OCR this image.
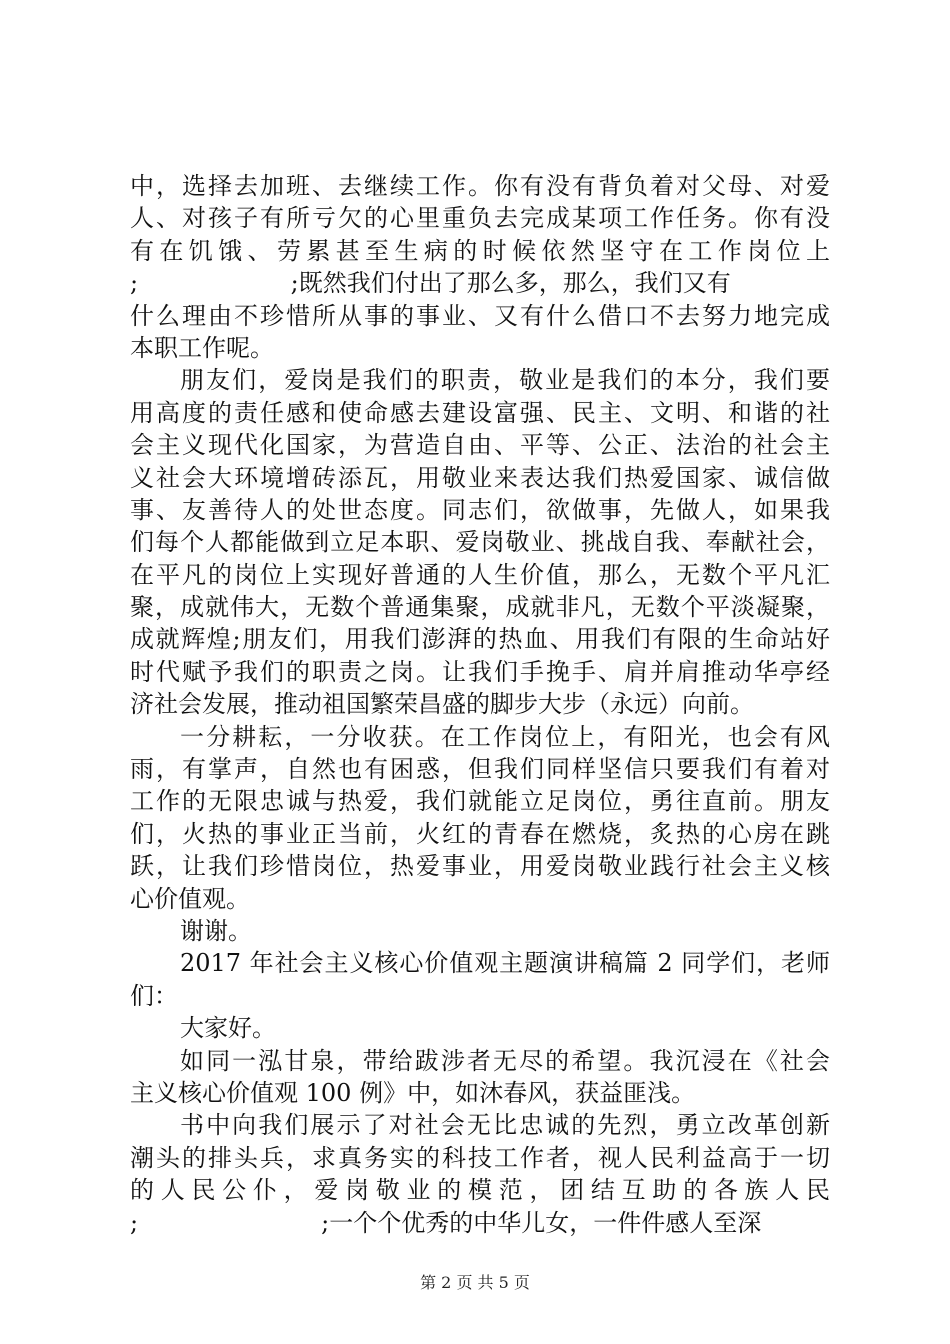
中，选择去加班、去继续工作。你有没有背负着对父母、对爱
人、对孩子有所亏欠的心里重负去完成某项工作任务。你有没
有在饥饿、劳累甚至生病的时候依然坚守在工作岗位上
;                    ;既然我们付出了那么多，那么，我们又有
什么理由不珍惜所从事的事业、又有什么借口不去努力地完成
本职工作呢。
朋友们，爱岗是我们的职责，敬业是我们的本分，我们要
用高度的责任感和使命感去建设富强、民主、文明、和谐的社
会主义现代化国家，为营造自由、平等、公正、法治的社会主
义社会大环境增砖添瓦，用敬业来表达我们热爱国家、诚信做
事、友善待人的处世态度。同志们，欲做事，先做人，如果我
们每个人都能做到立足本职、爱岗敬业、挑战自我、奉献社会，
在平凡的岗位上实现好普通的人生价值，那么，无数个平凡汇
聚，成就伟大，无数个普通集聚，成就非凡，无数个平淡凝聚，
成就辉煌;朋友们，用我们澎湃的热血、用我们有限的生命站好
时代赋予我们的职责之岗。让我们手挽手、肩并肩推动华亭经
济社会发展，推动祖国繁荣昌盛的脚步大步（永远）向前。
一分耕耘，一分收获。在工作岗位上，有阳光，也会有风
雨，有掌声，自然也有困惑，但我们同样坚信只要我们有着对
工作的无限忠诚与热爱，我们就能立足岗位，勇往直前。朋友
们，火热的事业正当前，火红的青春在燃烧，炙热的心房在跳
跃，让我们珍惜岗位，热爱事业，用爱岗敬业践行社会主义核
心价值观。
谢谢。
2017 年社会主义核心价值观主题演讲稿篇 2 同学们，老师
们：
大家好。
如同一泓甘泉，带给跋涉者无尽的希望。我沉浸在《社会
主义核心价值观 100 例》中，如沐春风，获益匪浅。
书中向我们展示了对社会无比忠诚的先烈，勇立改革创新
潮头的排头兵，求真务实的科技工作者，视人民利益高于一切
的人民公仆，爱岗敬业的模范，团结互助的各族人民
;                        ;一个个优秀的中华儿女，一件件感人至深
第 2 页 共 5 页
